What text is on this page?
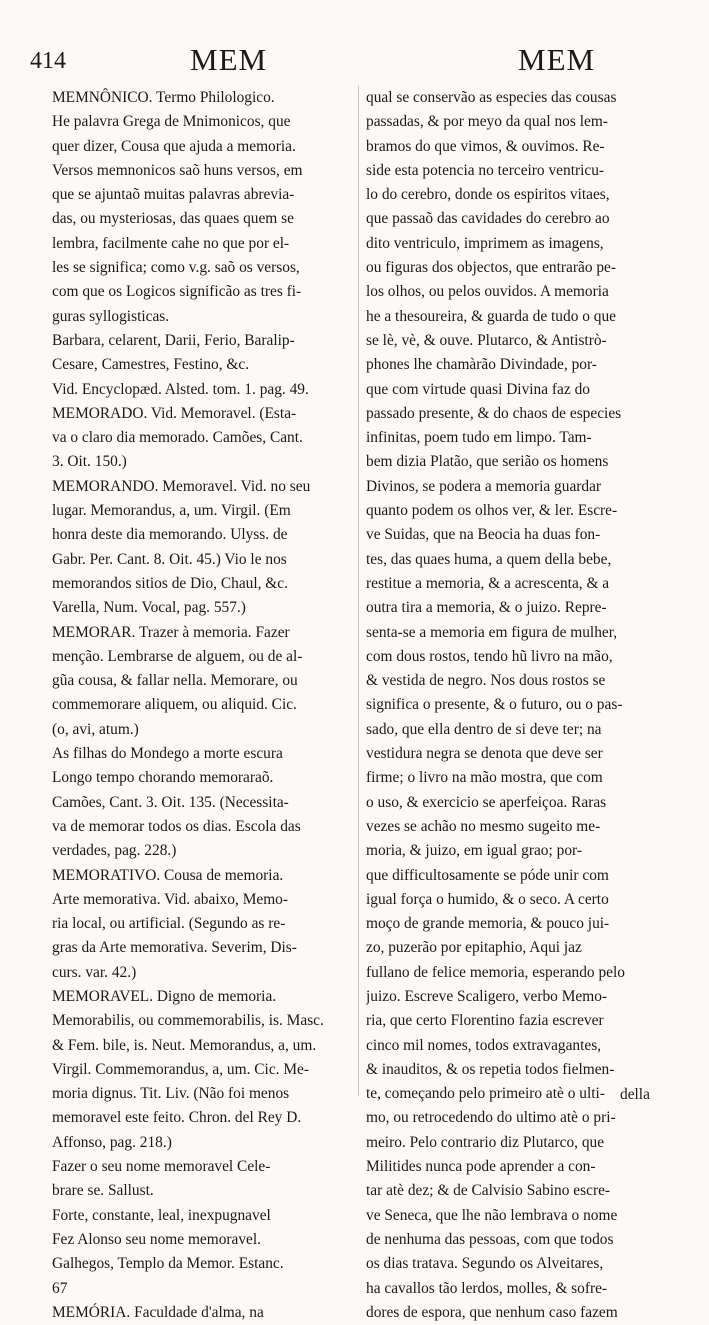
414	MEM	MEM
MEMNÔNICO. Termo Philologico.
He palavra Grega de Mnimonicos, que
quer dizer, Cousa que ajuda a memoria.
Versos memnonicos saõ huns versos, em
que se ajuntaõ muitas palavras abrevia-
das, ou mysteriosas, das quaes quem se
lembra, facilmente cahe no que por el-
les se significa; como v.g. saõ os versos,
com que os Logicos significão as tres fi-
guras syllogisticas.
Barbara, celarent, Darii, Ferio, Baralip-
Cesare, Camestres, Festino, &c.
Vid. Encyclopæd. Alsted. tom. 1. pag. 49.
MEMORADO. Vid. Memoravel. (Esta-
va o claro dia memorado. Camões, Cant.
3. Oit. 150.)
MEMORANDO. Memoravel. Vid. no seu
lugar. Memorandus, a, um. Virgil. (Em
honra deste dia memorando. Ulyss. de
Gabr. Per. Cant. 8. Oit. 45.) Vio le nos
memorandos sitios de Dio, Chaul, &c.
Varella, Num. Vocal, pag. 557.)
MEMORAR. Trazer à memoria. Fazer
menção. Lembrarse de alguem, ou de al-
gũa cousa, & fallar nella. Memorare, ou
commemorare aliquem, ou aliquid. Cic.
(o, avi, atum.)
As filhas do Mondego a morte escura
Longo tempo chorando memoraraõ.
Camões, Cant. 3. Oit. 135. (Necessita-
va de memorar todos os dias. Escola das
verdades, pag. 228.)
MEMORATIVO. Cousa de memoria.
Arte memorativa. Vid. abaixo, Memo-
ria local, ou artificial. (Segundo as re-
gras da Arte memorativa. Severim, Dis-
curs. var. 42.)
MEMORAVEL. Digno de memoria.
Memorabilis, ou commemorabilis, is. Masc.
& Fem. bile, is. Neut. Memorandus, a, um.
Virgil. Commemorandus, a, um. Cic. Me-
moria dignus. Tit. Liv. (Não foi menos
memoravel este feito. Chron. del Rey D.
Affonso, pag. 218.)
Fazer o seu nome memoravel Cele-
brare se. Sallust.
Forte, constante, leal, inexpugnavel
Fez Alonso seu nome memoravel.
Galhegos, Templo da Memor. Estanc.
67
MEMÓRIA. Faculdade d'alma, na
qual se conservão as especies das cousas
passadas, & por meyo da qual nos lem-
bramos do que vimos, & ouvimos. Re-
side esta potencia no terceiro ventricu-
lo do cerebro, donde os espiritos vitaes,
que passaõ das cavidades do cerebro ao
dito ventriculo, imprimem as imagens,
ou figuras dos objectos, que entrarão pe-
los olhos, ou pelos ouvidos. A memoria
he a thesoureira, & guarda de tudo o que
se lè, vè, & ouve. Plutarco, & Antistrò-
phones lhe chamàrão Divindade, por-
que com virtude quasi Divina faz do
passado presente, & do chaos de especies
infinitas, poem tudo em limpo. Tam-
bem dizia Platão, que serião os homens
Divinos, se podera a memoria guardar
quanto podem os olhos ver, & ler. Escre-
ve Suidas, que na Beocia ha duas fon-
tes, das quaes huma, a quem della bebe,
restitue a memoria, & a acrescenta, & a
outra tira a memoria, & o juizo. Repre-
senta-se a memoria em figura de mulher,
com dous rostos, tendo hũ livro na mão,
& vestida de negro. Nos dous rostos se
significa o presente, & o futuro, ou o pas-
sado, que ella dentro de si deve ter; na
vestidura negra se denota que deve ser
firme; o livro na mão mostra, que com
o uso, & exercicio se aperfeiçoa. Raras
vezes se achão no mesmo sugeito me-
moria, & juizo, em igual grao; por-
que difficultosamente se póde unir com
igual força o humido, & o seco. A certo
moço de grande memoria, & pouco jui-
zo, puzerão por epitaphio, Aqui jaz
fullano de felice memoria, esperando pelo
juizo. Escreve Scaligero, verbo Memo-
ria, que certo Florentino fazia escrever
cinco mil nomes, todos extravagantes,
& inauditos, & os repetia todos fielmen-
te, começando pelo primeiro atè o ulti-
mo, ou retrocedendo do ultimo atè o pri-
meiro. Pelo contrario diz Plutarco, que
Militides nunca pode aprender a con-
tar atè dez; & de Calvisio Sabino escre-
ve Seneca, que lhe não lembrava o nome
de nenhuma das pessoas, com que todos
os dias tratava. Segundo os Alveitares,
ha cavallos tão lerdos, molles, & sofre-
dores de espora, que nenhum caso fazem
della
